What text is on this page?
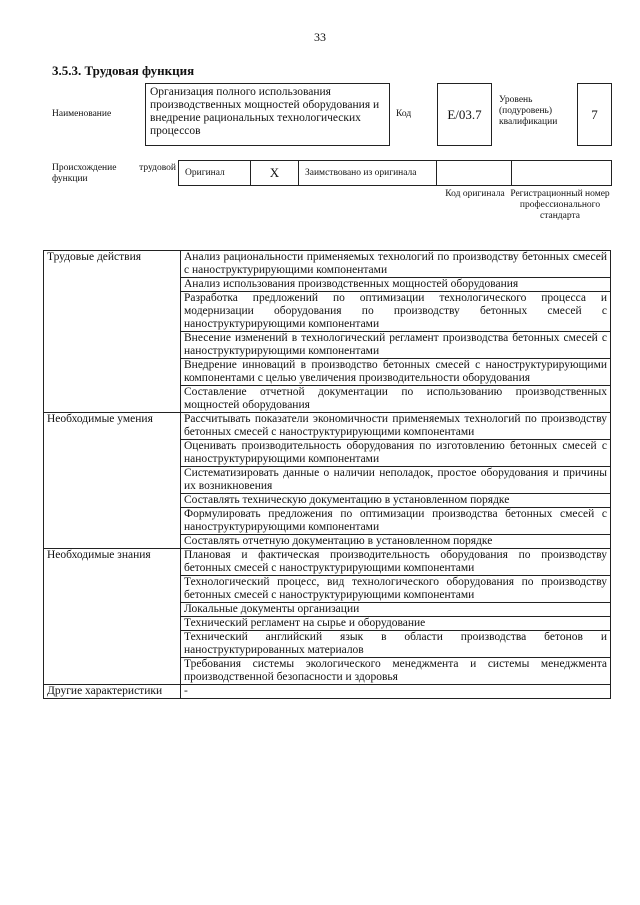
33
3.5.3. Трудовая функция
Наименование
Организация полного использования производственных мощностей оборудования и внедрение рациональных технологических процессов
Код	E/03.7
Уровень (подуровень) квалификации
7
Происхождение трудовой функции
Оригинал	X	Заимствовано из оригинала		
Код оригинала Регистрационный номер профессионального стандарта
Трудовые действия	Анализ рациональности применяемых технологий по производству бетонных смесей с наноструктурирующими компонентами
	Анализ использования производственных мощностей оборудования
	Разработка предложений по оптимизации технологического процесса и модернизации оборудования по производству бетонных смесей с наноструктурирующими компонентами
	Внесение изменений в технологический регламент производства бетонных смесей с наноструктурирующими компонентами
	Внедрение инноваций в производство бетонных смесей с наноструктурирующими компонентами с целью увеличения производительности оборудования
	Составление отчетной документации по использованию производственных мощностей оборудования
Необходимые умения	Рассчитывать показатели экономичности применяемых технологий по производству бетонных смесей с наноструктурирующими компонентами
	Оценивать производительность оборудования по изготовлению бетонных смесей с наноструктурирующими компонентами
	Систематизировать данные о наличии неполадок, простое оборудования и причины их возникновения
	Составлять техническую документацию в установленном порядке
	Формулировать предложения по оптимизации производства бетонных смесей с наноструктурирующими компонентами
	Составлять отчетную документацию в установленном порядке
Необходимые знания	Плановая и фактическая производительность оборудования по производству бетонных смесей с наноструктурирующими компонентами
	Технологический процесс, вид технологического оборудования по производству бетонных смесей с наноструктурирующими компонентами
	Локальные документы организации
	Технический регламент на сырье и оборудование
	Технический английский язык в области производства бетонов и наноструктурированных материалов
	Требования системы экологического менеджмента и системы менеджмента производственной безопасности и здоровья
Другие характеристики	-
